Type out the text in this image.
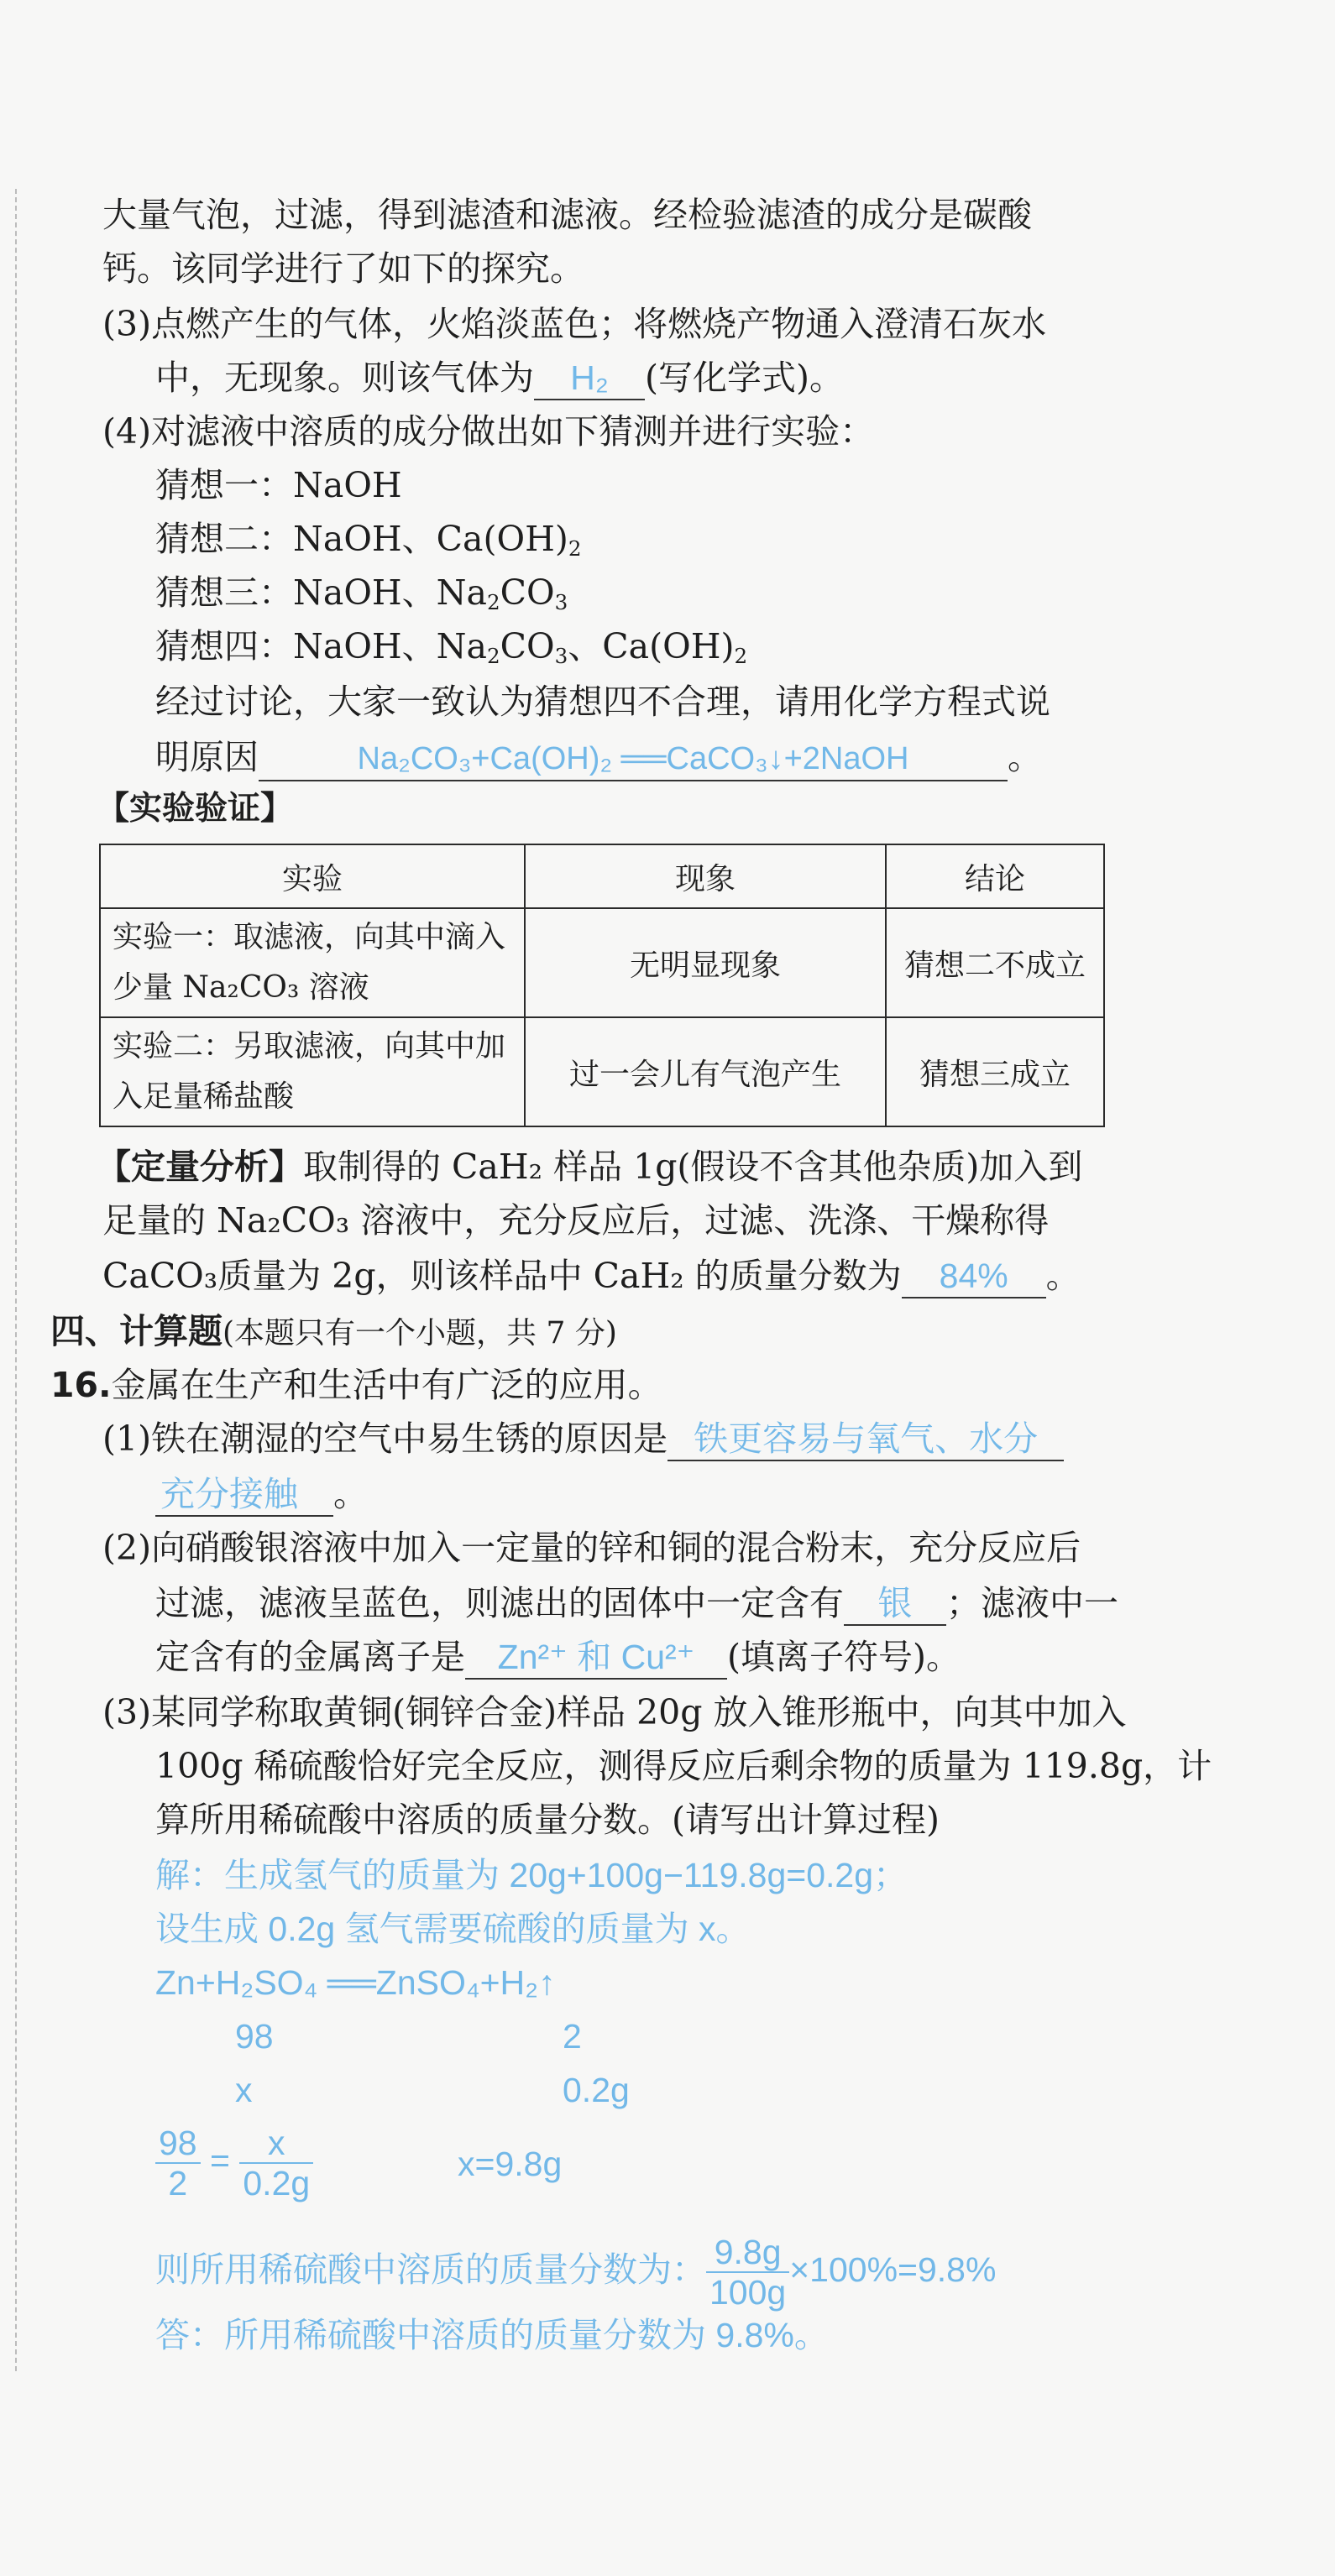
大量气泡，过滤，得到滤渣和滤液。经检验滤渣的成分是碳酸
钙。该同学进行了如下的探究。
(3)点燃产生的气体，火焰淡蓝色；将燃烧产物通入澄清石灰水
中，无现象。则该气体为 H₂ (写化学式)。
(4)对滤液中溶质的成分做出如下猜测并进行实验：
猜想一：NaOH
猜想二：NaOH、$Ca(OH)_2$
猜想三：NaOH、$Na_2CO_3$
猜想四：NaOH、$Na_2CO_3$、$Ca(OH)_2$
经过讨论，大家一致认为猜想四不合理，请用化学方程式说
明原因	Na₂CO₃+Ca(OH)₂ ══CaCO₃↓+2NaOH	。
【实验验证】
实验	现象	结论

实验一：取滤液，向其中滴入
少量 Na₂CO₃ 溶液	无明显现象	猜想二不成立

实验二：另取滤液，向其中加
入足量稀盐酸	过一会儿有气泡产生	猜想三成立
【定量分析】取制得的 CaH₂ 样品 1g(假设不含其他杂质)加入到
足量的 Na₂CO₃ 溶液中，充分反应后，过滤、洗涤、干燥称得
CaCO₃质量为 2g，则该样品中 CaH₂ 的质量分数为 84% 。
四、计算题(本题只有一个小题，共 7 分)
16.金属在生产和生活中有广泛的应用。
(1)铁在潮湿的空气中易生锈的原因是 铁更容易与氧气、水分
充分接触 。
(2)向硝酸银溶液中加入一定量的锌和铜的混合粉末，充分反应后
过滤，滤液呈蓝色，则滤出的固体中一定含有 银 ；滤液中一
定含有的金属离子是 Zn²⁺ 和 Cu²⁺ (填离子符号)。
(3)某同学称取黄铜(铜锌合金)样品 20g 放入锥形瓶中，向其中加入
100g 稀硫酸恰好完全反应，测得反应后剩余物的质量为 119.8g，计
算所用稀硫酸中溶质的质量分数。(请写出计算过程)
解：生成氢气的质量为 20g+100g−119.8g=0.2g；
设生成 0.2g 氢气需要硫酸的质量为 x。
Zn+H₂SO₄ ══ZnSO₄+H₂↑
98	2
x	0.2g
$\frac{98}{2} = \frac{x}{0.2g}$	x=9.8g
则所用稀硫酸中溶质的质量分数为： $\frac{9.8g}{100g} \times 100\%=9.8\%$
答：所用稀硫酸中溶质的质量分数为 9.8%。
